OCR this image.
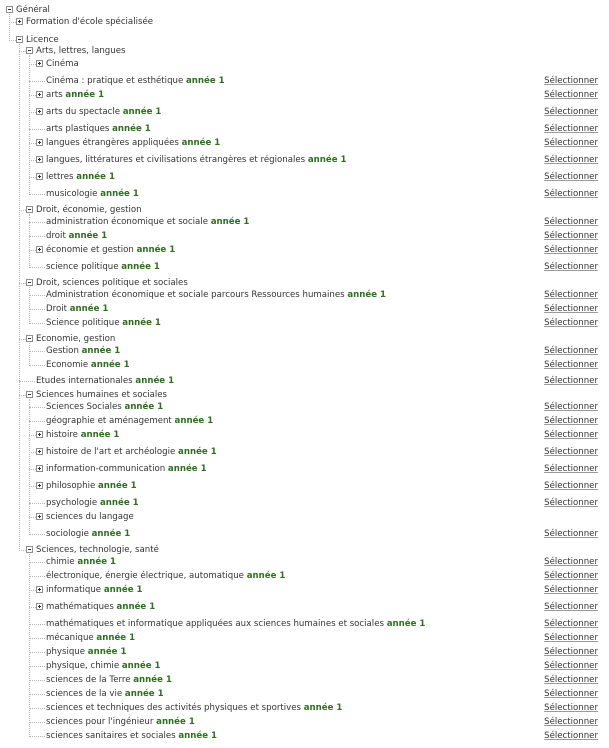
Général
Formation d'école spécialisée
Licence
Arts, lettres, langues
Cinéma
Cinéma : pratique et esthétique année 1	Sélectionner
arts année 1	Sélectionner
arts du spectacle année 1	Sélectionner
arts plastiques année 1	Sélectionner
langues étrangères appliquées année 1	Sélectionner
langues, littératures et civilisations étrangères et régionales année 1	Sélectionner
lettres année 1	Sélectionner
musicologie année 1	Sélectionner
Droit, économie, gestion
administration économique et sociale année 1	Sélectionner
droit année 1	Sélectionner
économie et gestion année 1	Sélectionner
science politique année 1	Sélectionner
Droit, sciences politique et sociales
Administration économique et sociale parcours Ressources humaines année 1	Sélectionner
Droit année 1	Sélectionner
Science politique année 1	Sélectionner
Economie, gestion
Gestion année 1	Sélectionner
Economie année 1	Sélectionner
Etudes internationales année 1	Sélectionner
Sciences humaines et sociales
Sciences Sociales année 1	Sélectionner
géographie et aménagement année 1	Sélectionner
histoire année 1	Sélectionner
histoire de l'art et archéologie année 1	Sélectionner
information-communication année 1	Sélectionner
philosophie année 1	Sélectionner
psychologie année 1	Sélectionner
sciences du langage
sociologie année 1	Sélectionner
Sciences, technologie, santé
chimie année 1	Sélectionner
électronique, énergie électrique, automatique année 1	Sélectionner
informatique année 1	Sélectionner
mathématiques année 1	Sélectionner
mathématiques et informatique appliquées aux sciences humaines et sociales année 1	Sélectionner
mécanique année 1	Sélectionner
physique année 1	Sélectionner
physique, chimie année 1	Sélectionner
sciences de la Terre année 1	Sélectionner
sciences de la vie année 1	Sélectionner
sciences et techniques des activités physiques et sportives année 1	Sélectionner
sciences pour l'ingénieur année 1	Sélectionner
sciences sanitaires et sociales année 1	Sélectionner
